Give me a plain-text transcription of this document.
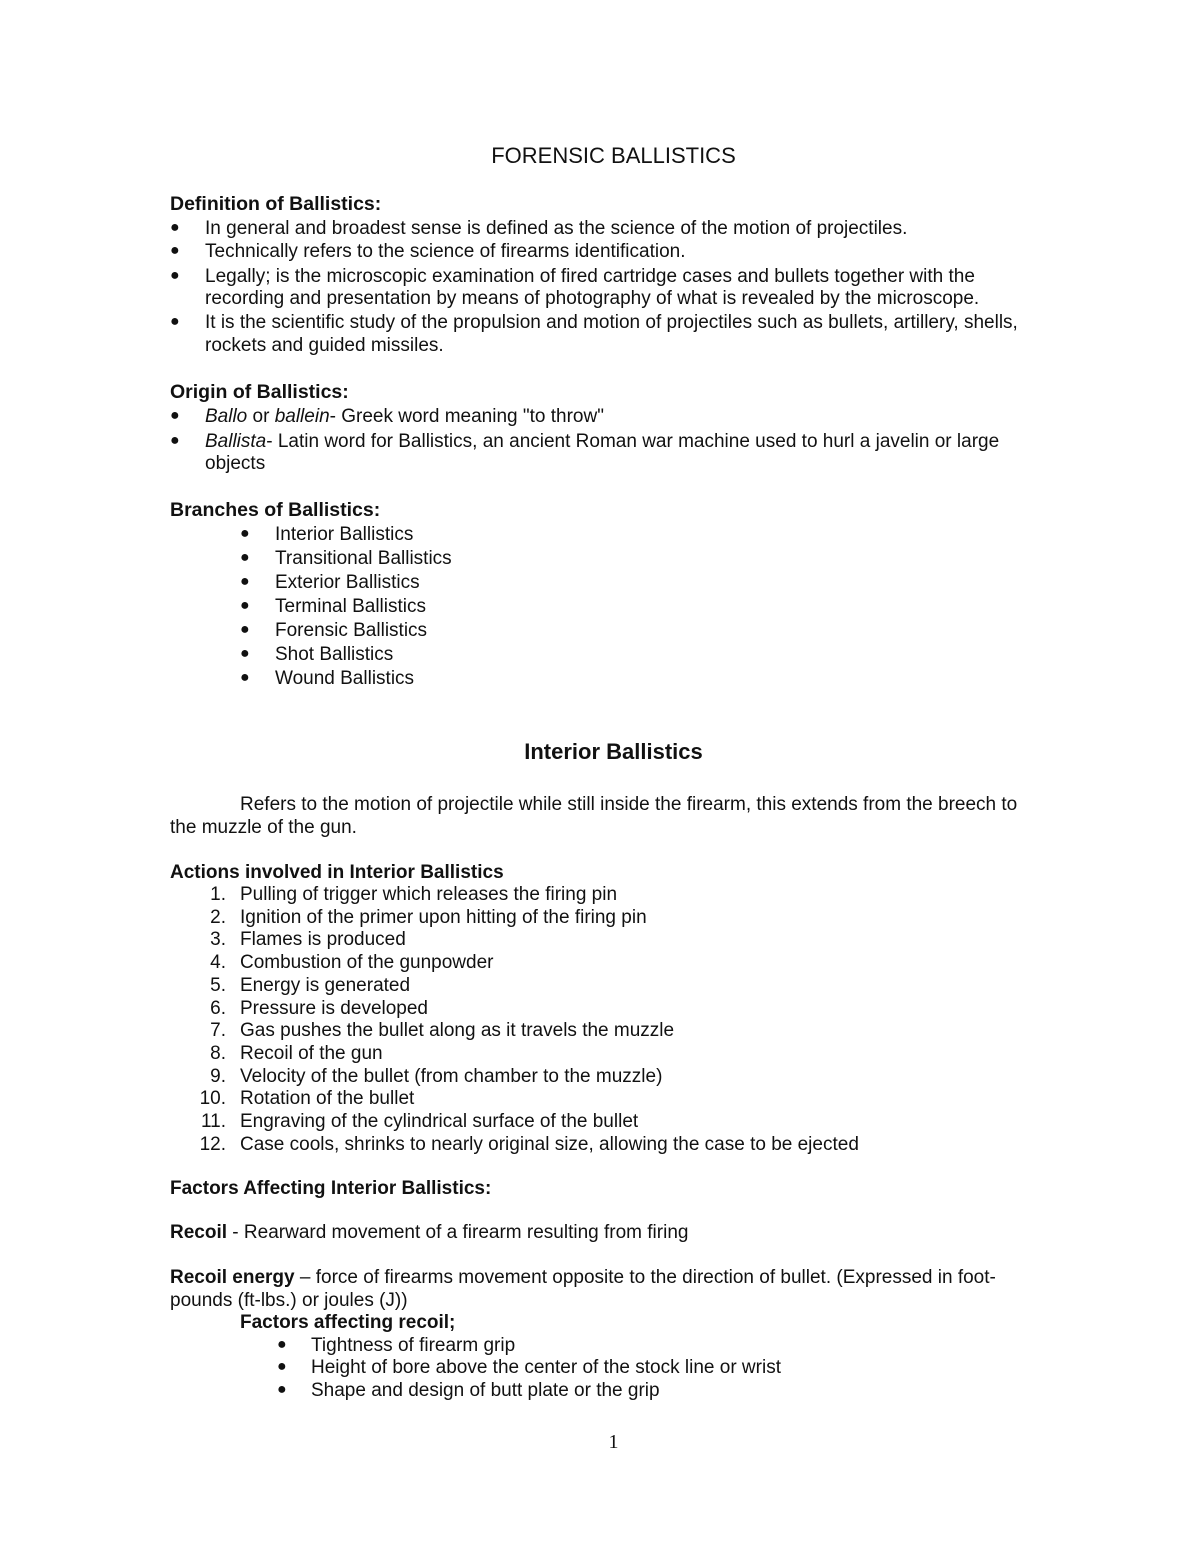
FORENSIC BALLISTICS
Definition of Ballistics:
● In general and broadest sense is defined as the science of the motion of projectiles.
● Technically refers to the science of firearms identification.
● Legally; is the microscopic examination of fired cartridge cases and bullets together with the
recording and presentation by means of photography of what is revealed by the microscope.
● It is the scientific study of the propulsion and motion of projectiles such as bullets, artillery, shells,
rockets and guided missiles.
Origin of Ballistics:
● Ballo or ballein- Greek word meaning "to throw"
● Ballista- Latin word for Ballistics, an ancient Roman war machine used to hurl a javelin or large
objects
Branches of Ballistics:
● Interior Ballistics
● Transitional Ballistics
● Exterior Ballistics
● Terminal Ballistics
● Forensic Ballistics
● Shot Ballistics
● Wound Ballistics
Interior Ballistics
Refers to the motion of projectile while still inside the firearm, this extends from the breech to
the muzzle of the gun.
Actions involved in Interior Ballistics
1. Pulling of trigger which releases the firing pin
2. Ignition of the primer upon hitting of the firing pin
3. Flames is produced
4. Combustion of the gunpowder
5. Energy is generated
6. Pressure is developed
7. Gas pushes the bullet along as it travels the muzzle
8. Recoil of the gun
9. Velocity of the bullet (from chamber to the muzzle)
10. Rotation of the bullet
11. Engraving of the cylindrical surface of the bullet
12. Case cools, shrinks to nearly original size, allowing the case to be ejected
Factors Affecting Interior Ballistics:
Recoil - Rearward movement of a firearm resulting from firing
Recoil energy – force of firearms movement opposite to the direction of bullet. (Expressed in foot-
pounds (ft-lbs.) or joules (J))
Factors affecting recoil;
● Tightness of firearm grip
● Height of bore above the center of the stock line or wrist
● Shape and design of butt plate or the grip
1
